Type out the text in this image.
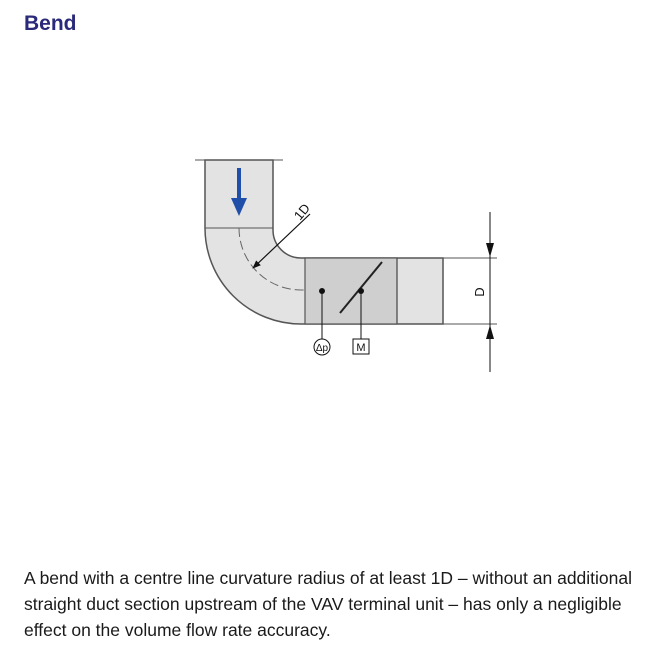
Bend
1D
Δp	M
D

A bend with a centre line curvature radius of at least 1D – without an additional straight duct section upstream of the VAV terminal unit – has only a negligible effect on the volume flow rate accuracy.
